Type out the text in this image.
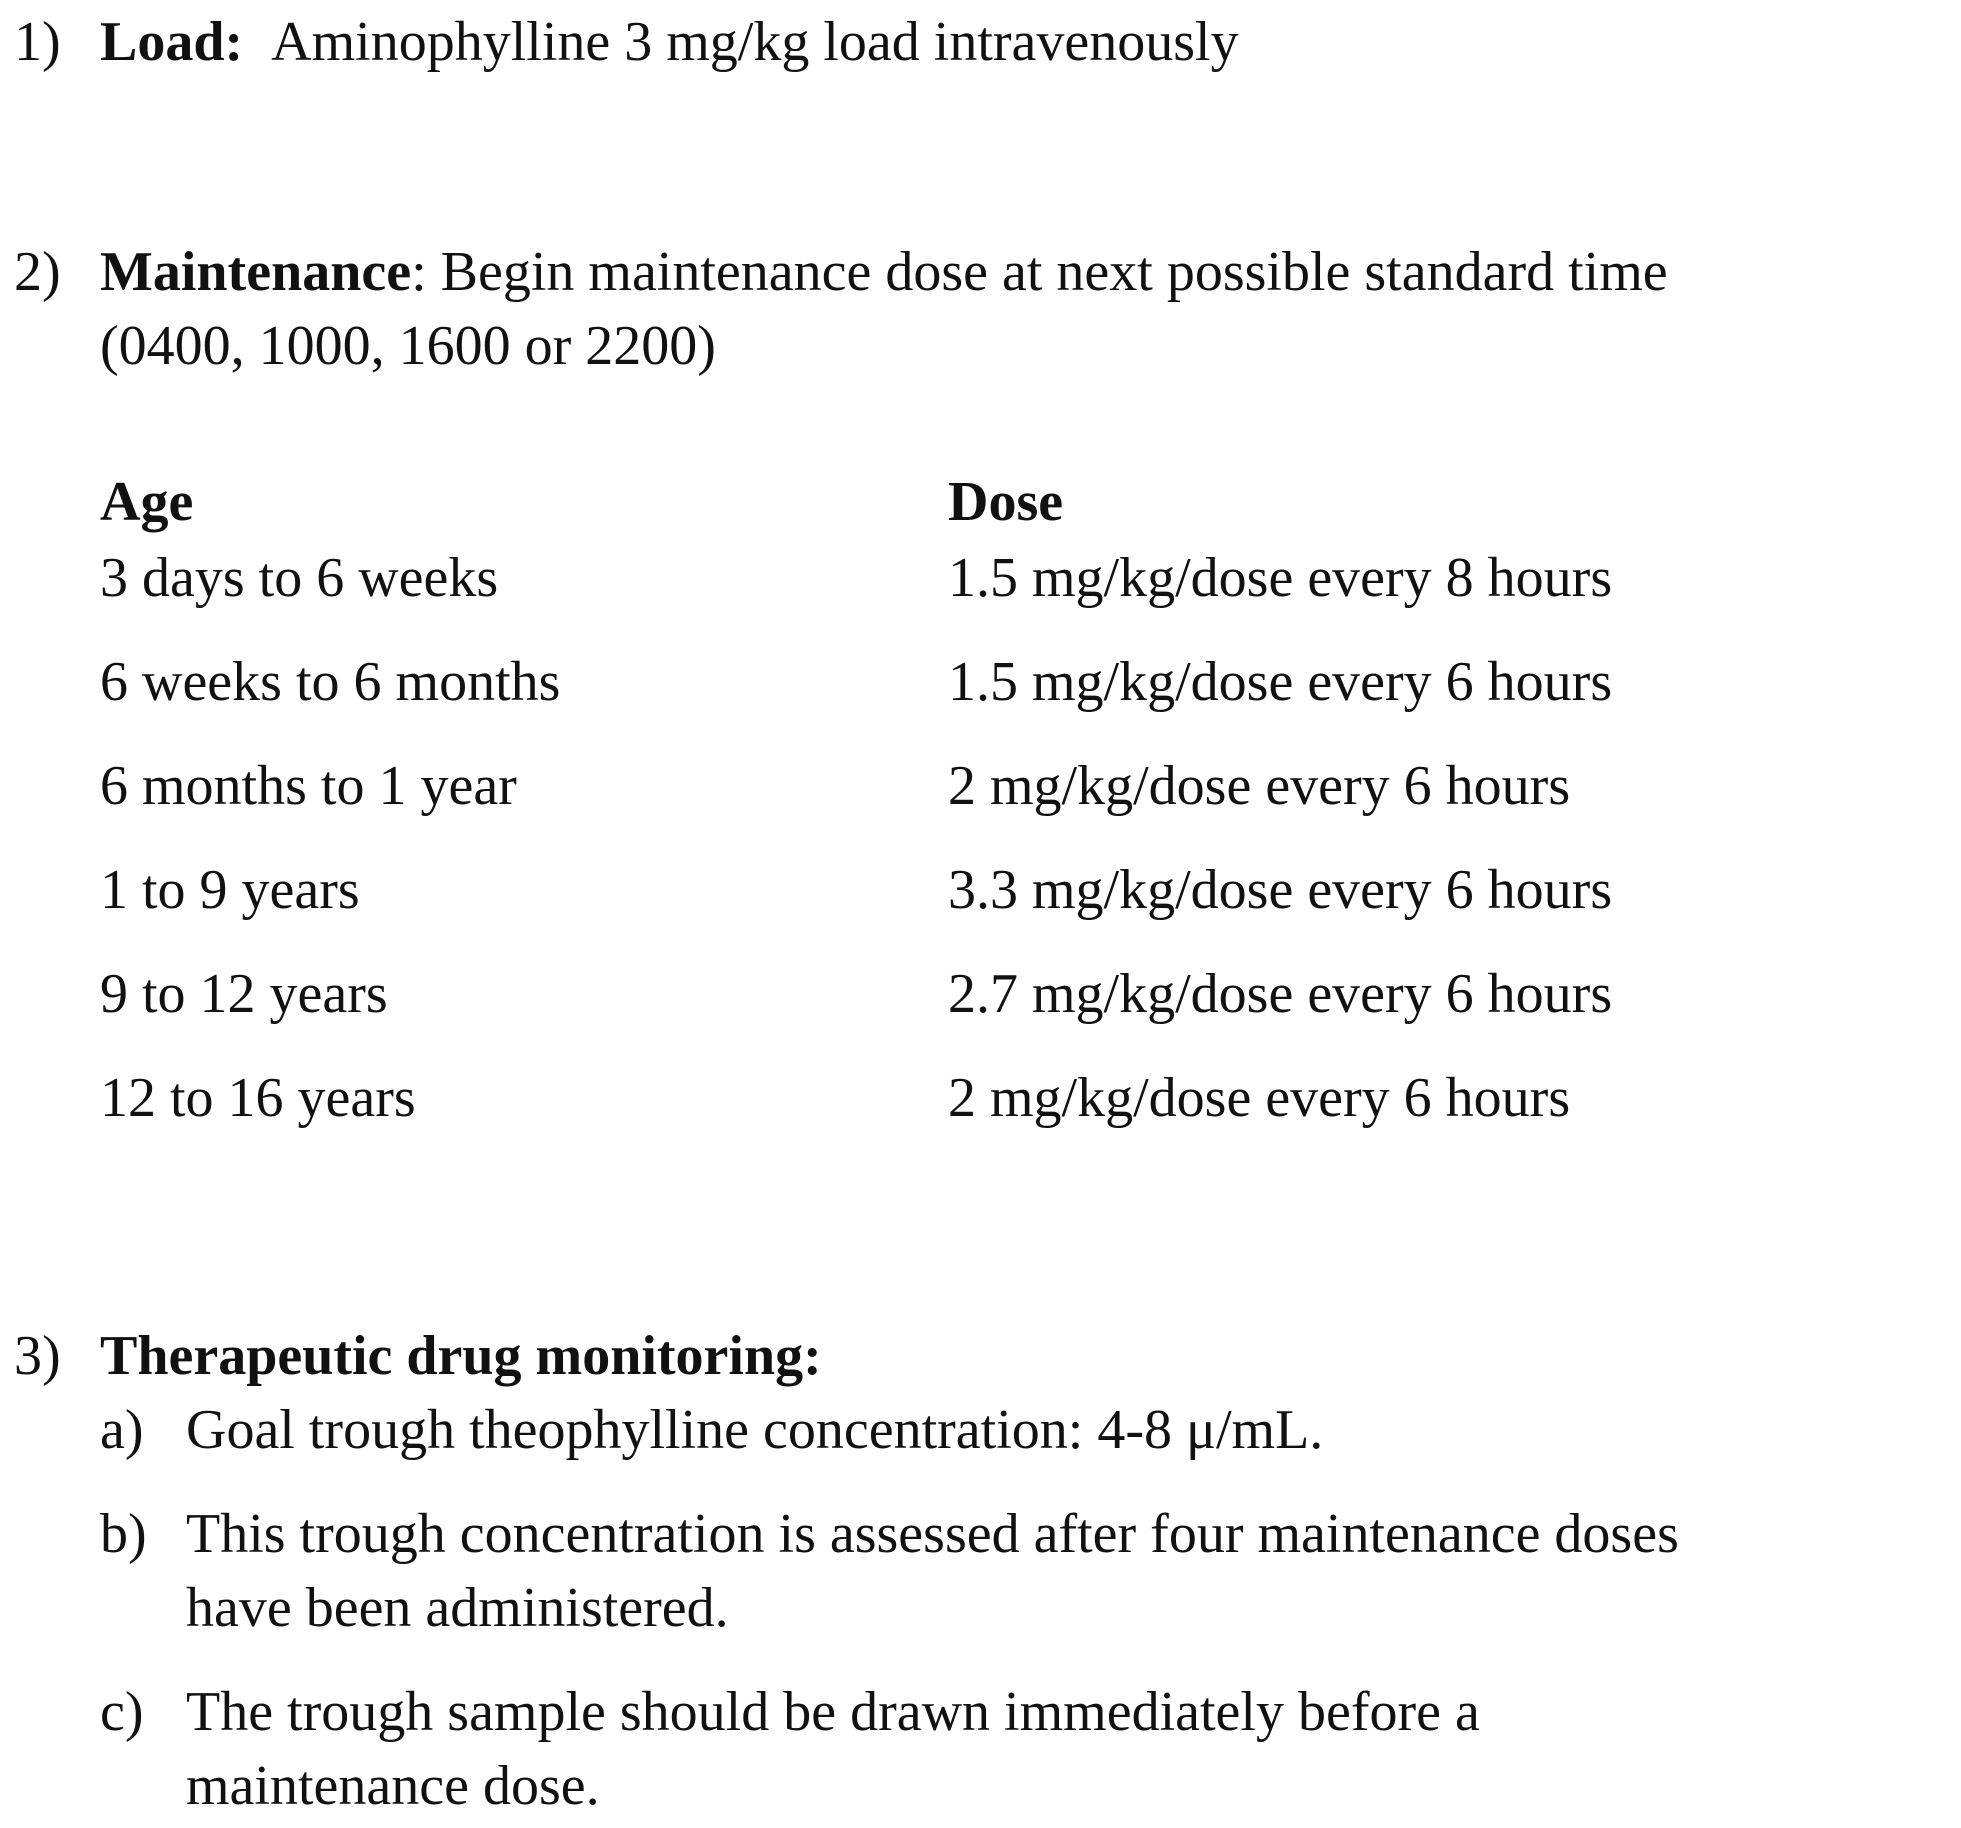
1) Load: Aminophylline 3 mg/kg load intravenously
2) Maintenance: Begin maintenance dose at next possible standard time
(0400, 1000, 1600 or 2200)
Age	Dose
3 days to 6 weeks	1.5 mg/kg/dose every 8 hours
6 weeks to 6 months	1.5 mg/kg/dose every 6 hours
6 months to 1 year	2 mg/kg/dose every 6 hours
1 to 9 years	3.3 mg/kg/dose every 6 hours
9 to 12 years	2.7 mg/kg/dose every 6 hours
12 to 16 years	2 mg/kg/dose every 6 hours
3) Therapeutic drug monitoring:
a) Goal trough theophylline concentration: 4-8 μ/mL.
b) This trough concentration is assessed after four maintenance doses
have been administered.
c) The trough sample should be drawn immediately before a
maintenance dose.
